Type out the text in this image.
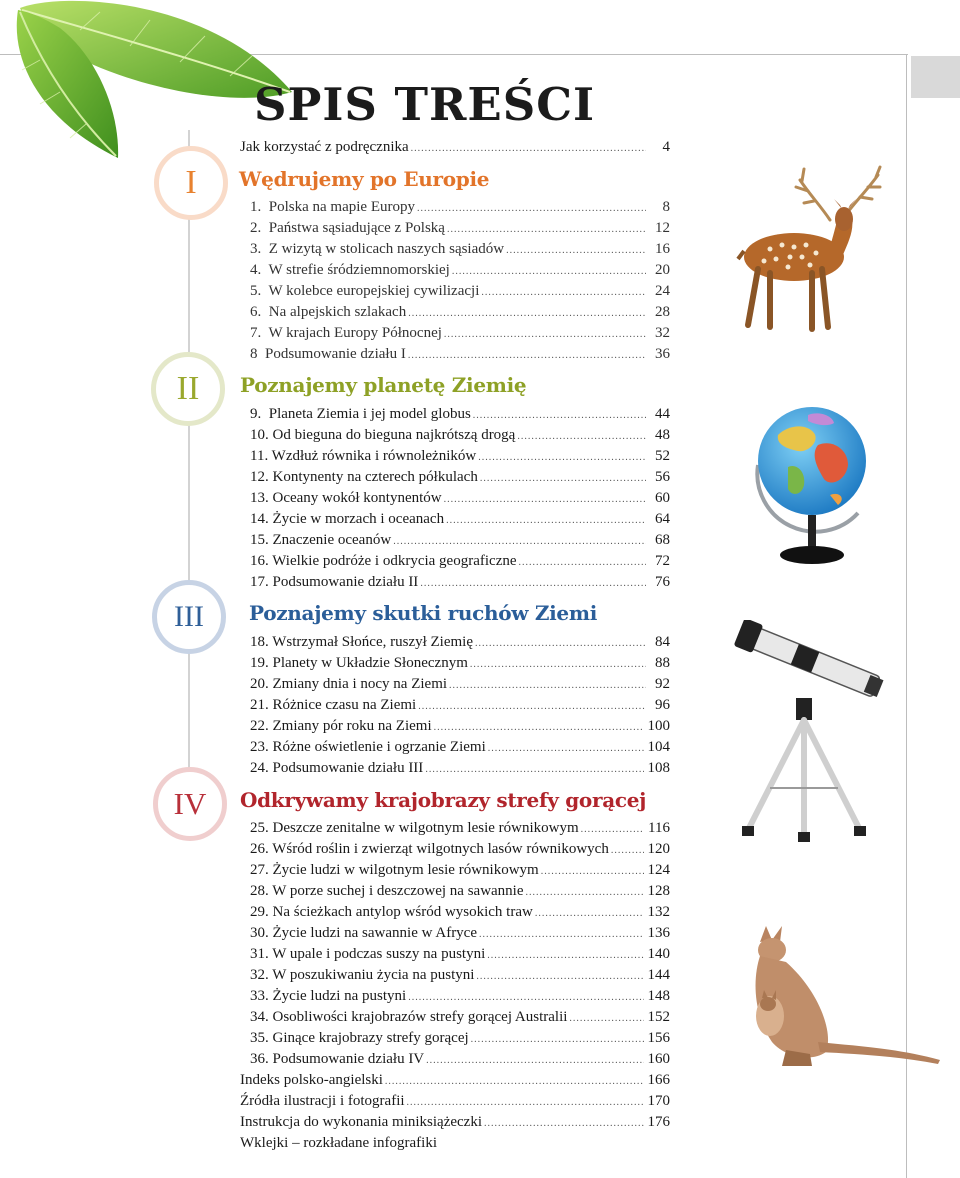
SPIS TREŚCI
I
II
III
IV
Jak korzystać z podręcznika .....	4
Wędrujemy po Europie
1.  Polska na mapie Europy .....	8
2.  Państwa sąsiadujące z Polską .....	12
3.  Z wizytą w stolicach naszych sąsiadów .....	16
4.  W strefie śródziemnomorskiej .....	20
5.  W kolebce europejskiej cywilizacji .....	24
6.  Na alpejskich szlakach .....	28
7.  W krajach Europy Północnej .....	32
8  Podsumowanie działu I .....	36
Poznajemy planetę Ziemię
9.  Planeta Ziemia i jej model globus .....	44
10. Od bieguna do bieguna najkrótszą drogą .....	48
11. Wzdłuż równika i równoleżników .....	52
12. Kontynenty na czterech półkulach .....	56
13. Oceany wokół kontynentów .....	60
14. Życie w morzach i oceanach .....	64
15. Znaczenie oceanów .....	68
16. Wielkie podróże i odkrycia geograficzne .....	72
17. Podsumowanie działu II .....	76
Poznajemy skutki ruchów Ziemi
18. Wstrzymał Słońce, ruszył Ziemię .....	84
19. Planety w Układzie Słonecznym .....	88
20. Zmiany dnia i nocy na Ziemi .....	92
21. Różnice czasu na Ziemi .....	96
22. Zmiany pór roku na Ziemi .....	100
23. Różne oświetlenie i ogrzanie Ziemi .....	104
24. Podsumowanie działu III .....	108
Odkrywamy krajobrazy strefy gorącej
25. Deszcze zenitalne w wilgotnym lesie równikowym .....	116
26. Wśród roślin i zwierząt wilgotnych lasów równikowych .....	120
27. Życie ludzi w wilgotnym lesie równikowym .....	124
28. W porze suchej i deszczowej na sawannie .....	128
29. Na ścieżkach antylop wśród wysokich traw .....	132
30. Życie ludzi na sawannie w Afryce .....	136
31. W upale i podczas suszy na pustyni .....	140
32. W poszukiwaniu życia na pustyni .....	144
33. Życie ludzi na pustyni .....	148
34. Osobliwości krajobrazów strefy gorącej Australii .....	152
35. Ginące krajobrazy strefy gorącej .....	156
36. Podsumowanie działu IV .....	160
Indeks polsko-angielski .....	166
Źródła ilustracji i fotografii .....	170
Instrukcja do wykonania miniksiążeczki .....	176
Wklejki – rozkładane infografiki
